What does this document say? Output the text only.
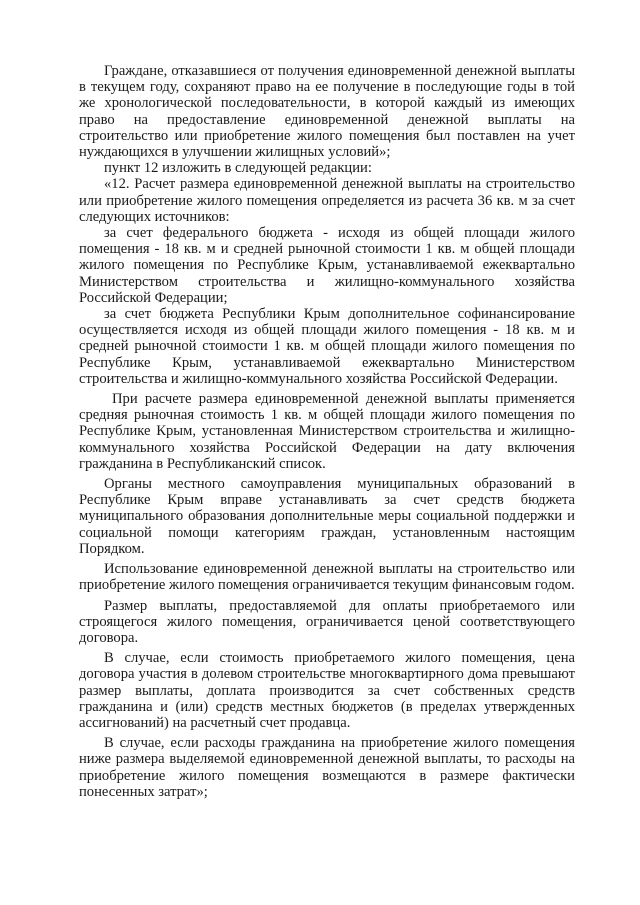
Граждане, отказавшиеся от получения единовременной денежной выплаты в текущем году, сохраняют право на ее получение в последующие годы в той же хронологической последовательности, в которой каждый из имеющих право на предоставление единовременной денежной выплаты на строительство или приобретение жилого помещения был поставлен на учет нуждающихся в улучшении жилищных условий»;

пункт 12 изложить в следующей редакции:

«12. Расчет размера единовременной денежной выплаты на строительство или приобретение жилого помещения определяется из расчета 36 кв. м за счет следующих источников:

за счет федерального бюджета - исходя из общей площади жилого помещения - 18 кв. м и средней рыночной стоимости 1 кв. м общей площади жилого помещения по Республике Крым, устанавливаемой ежеквартально Министерством строительства и жилищно-коммунального хозяйства Российской Федерации;

за счет бюджета Республики Крым дополнительное софинансирование осуществляется исходя из общей площади жилого помещения - 18 кв. м и средней рыночной стоимости 1 кв. м общей площади жилого помещения по Республике Крым, устанавливаемой ежеквартально Министерством строительства и жилищно-коммунального хозяйства Российской Федерации.

При расчете размера единовременной денежной выплаты применяется средняя рыночная стоимость 1 кв. м общей площади жилого помещения по Республике Крым, установленная Министерством строительства и жилищно-коммунального хозяйства Российской Федерации на дату включения гражданина в Республиканский список.

Органы местного самоуправления муниципальных образований в Республике Крым вправе устанавливать за счет средств бюджета муниципального образования дополнительные меры социальной поддержки и социальной помощи категориям граждан, установленным настоящим Порядком.

Использование единовременной денежной выплаты на строительство или приобретение жилого помещения ограничивается текущим финансовым годом.

Размер выплаты, предоставляемой для оплаты приобретаемого или строящегося жилого помещения, ограничивается ценой соответствующего договора.

В случае, если стоимость приобретаемого жилого помещения, цена договора участия в долевом строительстве многоквартирного дома превышают размер выплаты, доплата производится за счет собственных средств гражданина и (или) средств местных бюджетов (в пределах утвержденных ассигнований) на расчетный счет продавца.

В случае, если расходы гражданина на приобретение жилого помещения ниже размера выделяемой единовременной денежной выплаты, то расходы на приобретение жилого помещения возмещаются в размере фактически понесенных затрат»;
